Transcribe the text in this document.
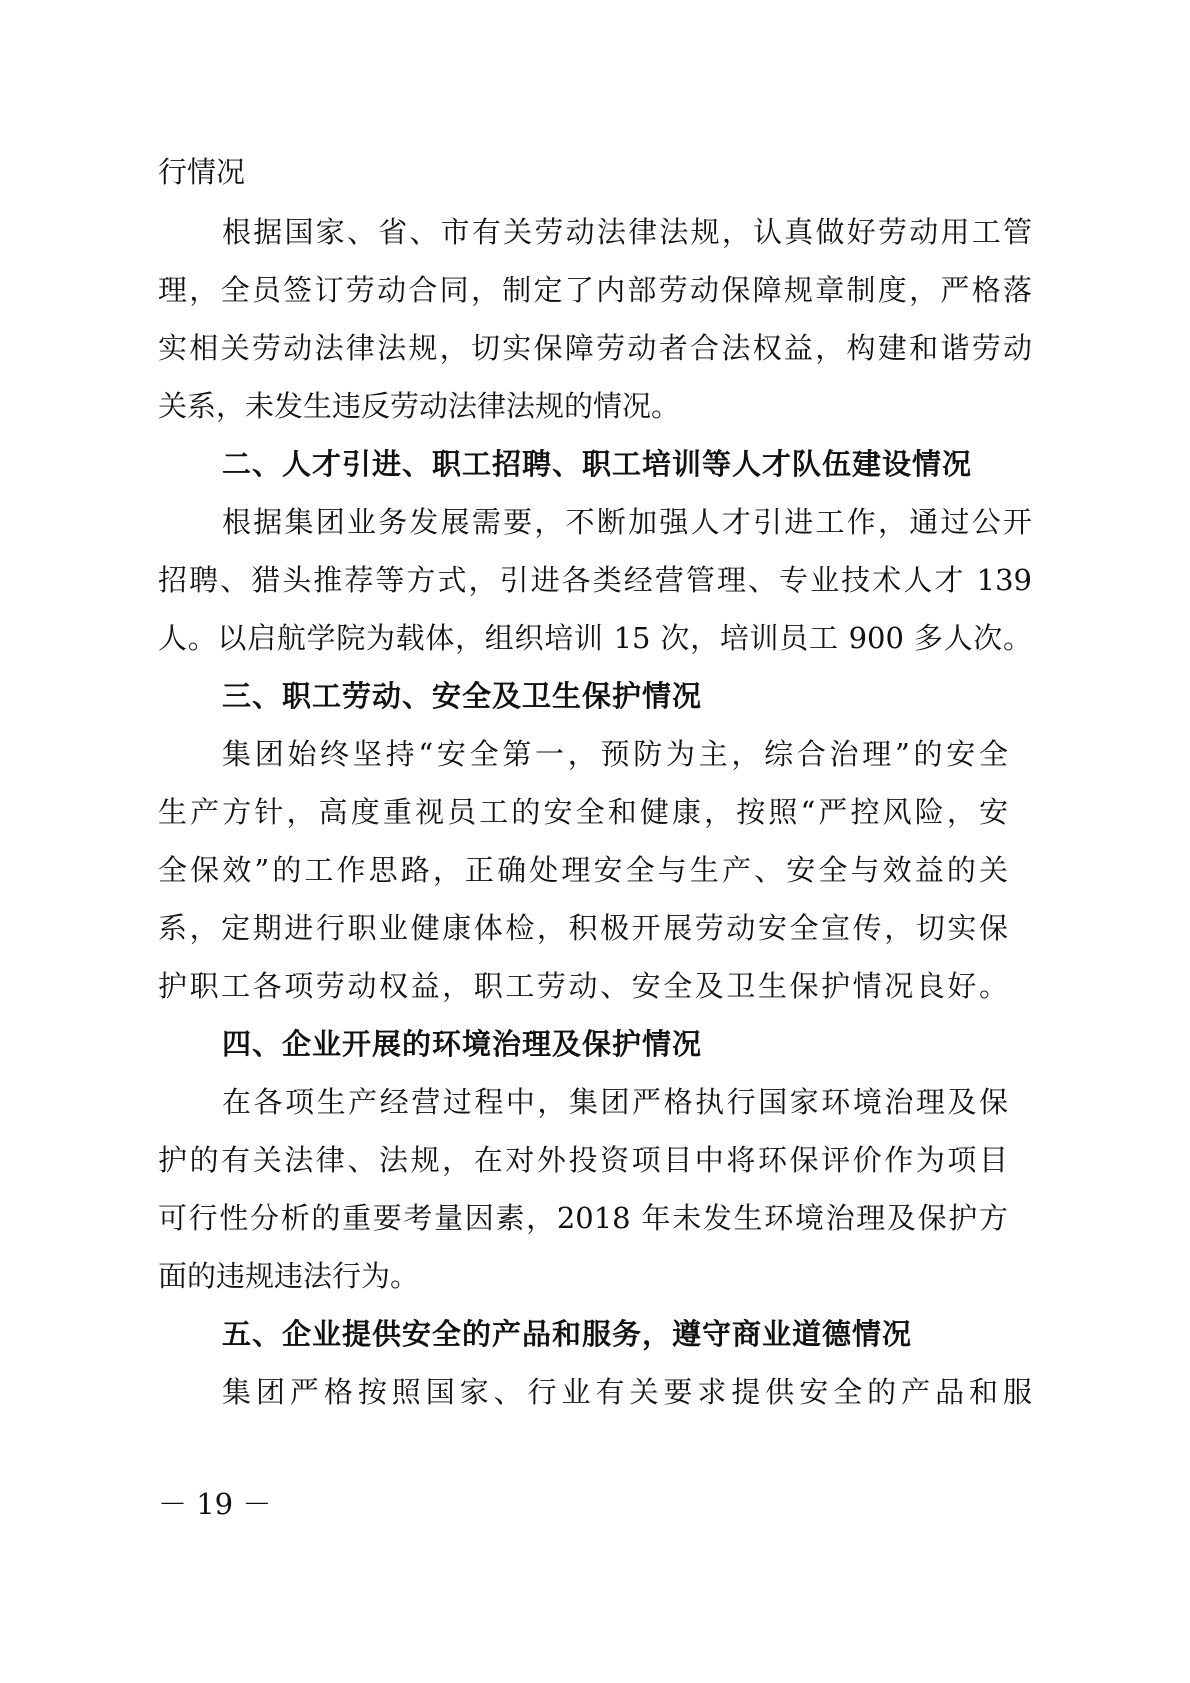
行情况
根据国家、省、市有关劳动法律法规，认真做好劳动用工管
理，全员签订劳动合同，制定了内部劳动保障规章制度，严格落
实相关劳动法律法规，切实保障劳动者合法权益，构建和谐劳动
关系，未发生违反劳动法律法规的情况。
二、人才引进、职工招聘、职工培训等人才队伍建设情况
根据集团业务发展需要，不断加强人才引进工作，通过公开
招聘、猎头推荐等方式，引进各类经营管理、专业技术人才 139
人。以启航学院为载体，组织培训 15 次，培训员工 900 多人次。
三、职工劳动、安全及卫生保护情况
集团始终坚持“安全第一，预防为主，综合治理”的安全
生产方针，高度重视员工的安全和健康，按照“严控风险，安
全保效”的工作思路，正确处理安全与生产、安全与效益的关
系，定期进行职业健康体检，积极开展劳动安全宣传，切实保
护职工各项劳动权益，职工劳动、安全及卫生保护情况良好。
四、企业开展的环境治理及保护情况
在各项生产经营过程中，集团严格执行国家环境治理及保
护的有关法律、法规，在对外投资项目中将环保评价作为项目
可行性分析的重要考量因素，2018 年未发生环境治理及保护方
面的违规违法行为。
五、企业提供安全的产品和服务，遵守商业道德情况
集团严格按照国家、行业有关要求提供安全的产品和服
－ 19 －
